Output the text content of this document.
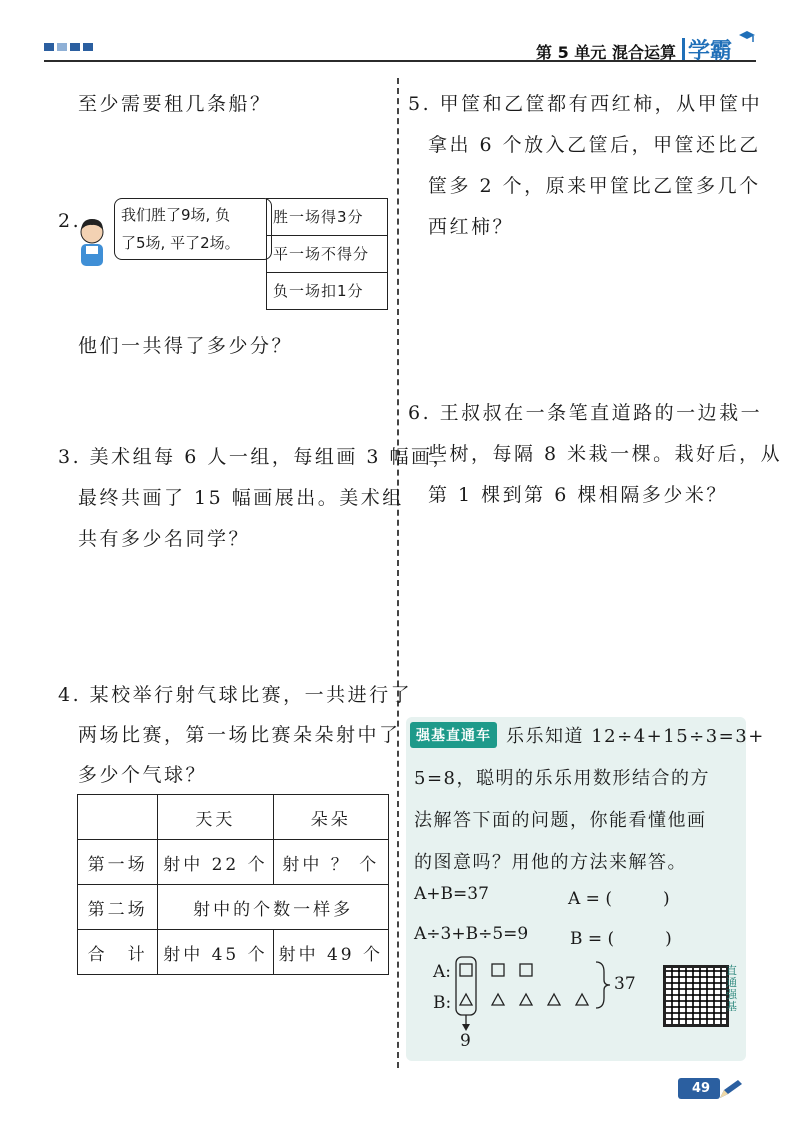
第 5 单元 混合运算 学霸
至少需要租几条船？
2.	我们胜了9场, 负
了5场, 平了2场。
胜一场得3分
平一场不得分
负一场扣1分
他们一共得了多少分？
3. 美术组每 6 人一组，每组画 3 幅画，
最终共画了 15 幅画展出。美术组
共有多少名同学？
4. 某校举行射气球比赛，一共进行了
两场比赛，第一场比赛朵朵射中了
多少个气球？
	天天	朵朵
第一场	射中 22 个	射中 ？ 个
第二场	射中的个数一样多	
合　计	射中 45 个	射中 49 个
5. 甲筐和乙筐都有西红柿，从甲筐中
拿出 6 个放入乙筐后，甲筐还比乙
筐多 2 个，原来甲筐比乙筐多几个
西红柿？
6. 王叔叔在一条笔直道路的一边栽一
些树，每隔 8 米栽一棵。栽好后，从
第 1 棵到第 6 棵相隔多少米？
强基直通车 乐乐知道 12÷4+15÷3=3+
5=8，聪明的乐乐用数形结合的方
法解答下面的问题，你能看懂他画
的图意吗？用他的方法来解答。
A+B=37	A = (　　　)
A÷3+B÷5=9 B = (　　　)
A:
B:
37
9
直通强基
49
